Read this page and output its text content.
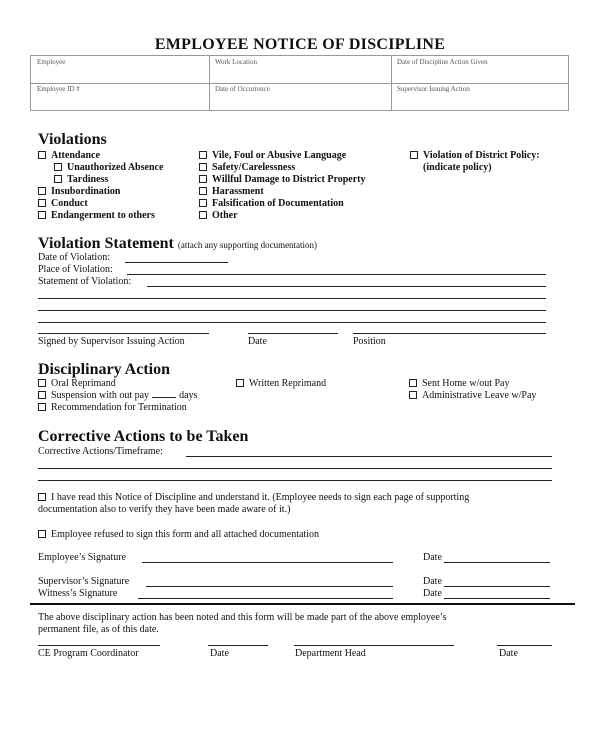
EMPLOYEE NOTICE OF DISCIPLINE
Employee	Work Location	Date of Discipline Action Given
Employee ID #	Date of Occurrence	Supervisor Issuing Action
Violations
Attendance
Unauthorized Absence
Tardiness
Insubordination
Conduct
Endangerment to others
Vile, Foul or Abusive Language
Safety/Carelessness
Willful Damage to District Property
Harassment
Falsification of Documentation
Other
Violation of District Policy:
(indicate policy)
Violation Statement (attach any supporting documentation)
Date of Violation:
Place of Violation:
Statement of Violation:
Signed by Supervisor Issuing Action	Date	Position
Disciplinary Action
Oral Reprimand
Suspension with out pay	days
Recommendation for Termination
Written Reprimand	Sent Home w/out Pay
Administrative Leave w/Pay
Corrective Actions to be Taken
Corrective Actions/Timeframe:
I have read this Notice of Discipline and understand it. (Employee needs to sign each page of supporting
documentation also to verify they have been made aware of it.)
Employee refused to sign this form and all attached documentation
Employee’s Signature	Date
Supervisor’s Signature	Date
Witness’s Signature	Date
The above disciplinary action has been noted and this form will be made part of the above employee’s
permanent file, as of this date.
CE Program Coordinator	Date	Department Head	Date
